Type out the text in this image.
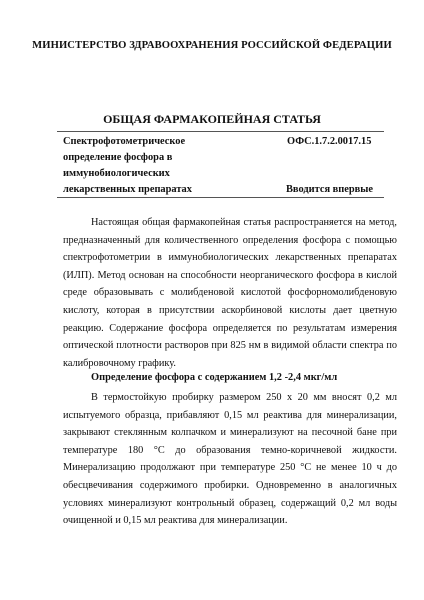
МИНИСТЕРСТВО ЗДРАВООХРАНЕНИЯ РОССИЙСКОЙ ФЕДЕРАЦИИ
ОБЩАЯ ФАРМАКОПЕЙНАЯ СТАТЬЯ
Спектрофотометрическое
определение фосфора в
иммунобиологических
лекарственных препаратах
ОФС.1.7.2.0017.15
Вводится впервые
Настоящая общая фармакопейная статья распространяется на метод,
предназначенный для количественного определения фосфора с помощью
спектрофотометрии в иммунобиологических лекарственных препаратах
(ИЛП). Метод основан на способности неорганического фосфора в кислой
среде образовывать с молибденовой кислотой фосфорномолибденовую
кислоту, которая в присутствии аскорбиновой кислоты дает цветную
реакцию. Содержание фосфора определяется по результатам измерения
оптической плотности растворов при 825 нм в видимой области спектра по
калибровочному графику.
Определение фосфора с содержанием 1,2 -2,4 мкг/мл
В термостойкую пробирку размером 250 х 20 мм вносят 0,2 мл
испытуемого образца, прибавляют 0,15 мл реактива для минерализации,
закрывают стеклянным колпачком и минерализуют на песочной бане при
температуре 180 °С до образования темно-коричневой жидкости.
Минерализацию продолжают при температуре 250 °С не менее 10 ч до
обесцвечивания содержимого пробирки. Одновременно в аналогичных
условиях минерализуют контрольный образец, содержащий 0,2 мл воды
очищенной и 0,15 мл реактива для минерализации.
